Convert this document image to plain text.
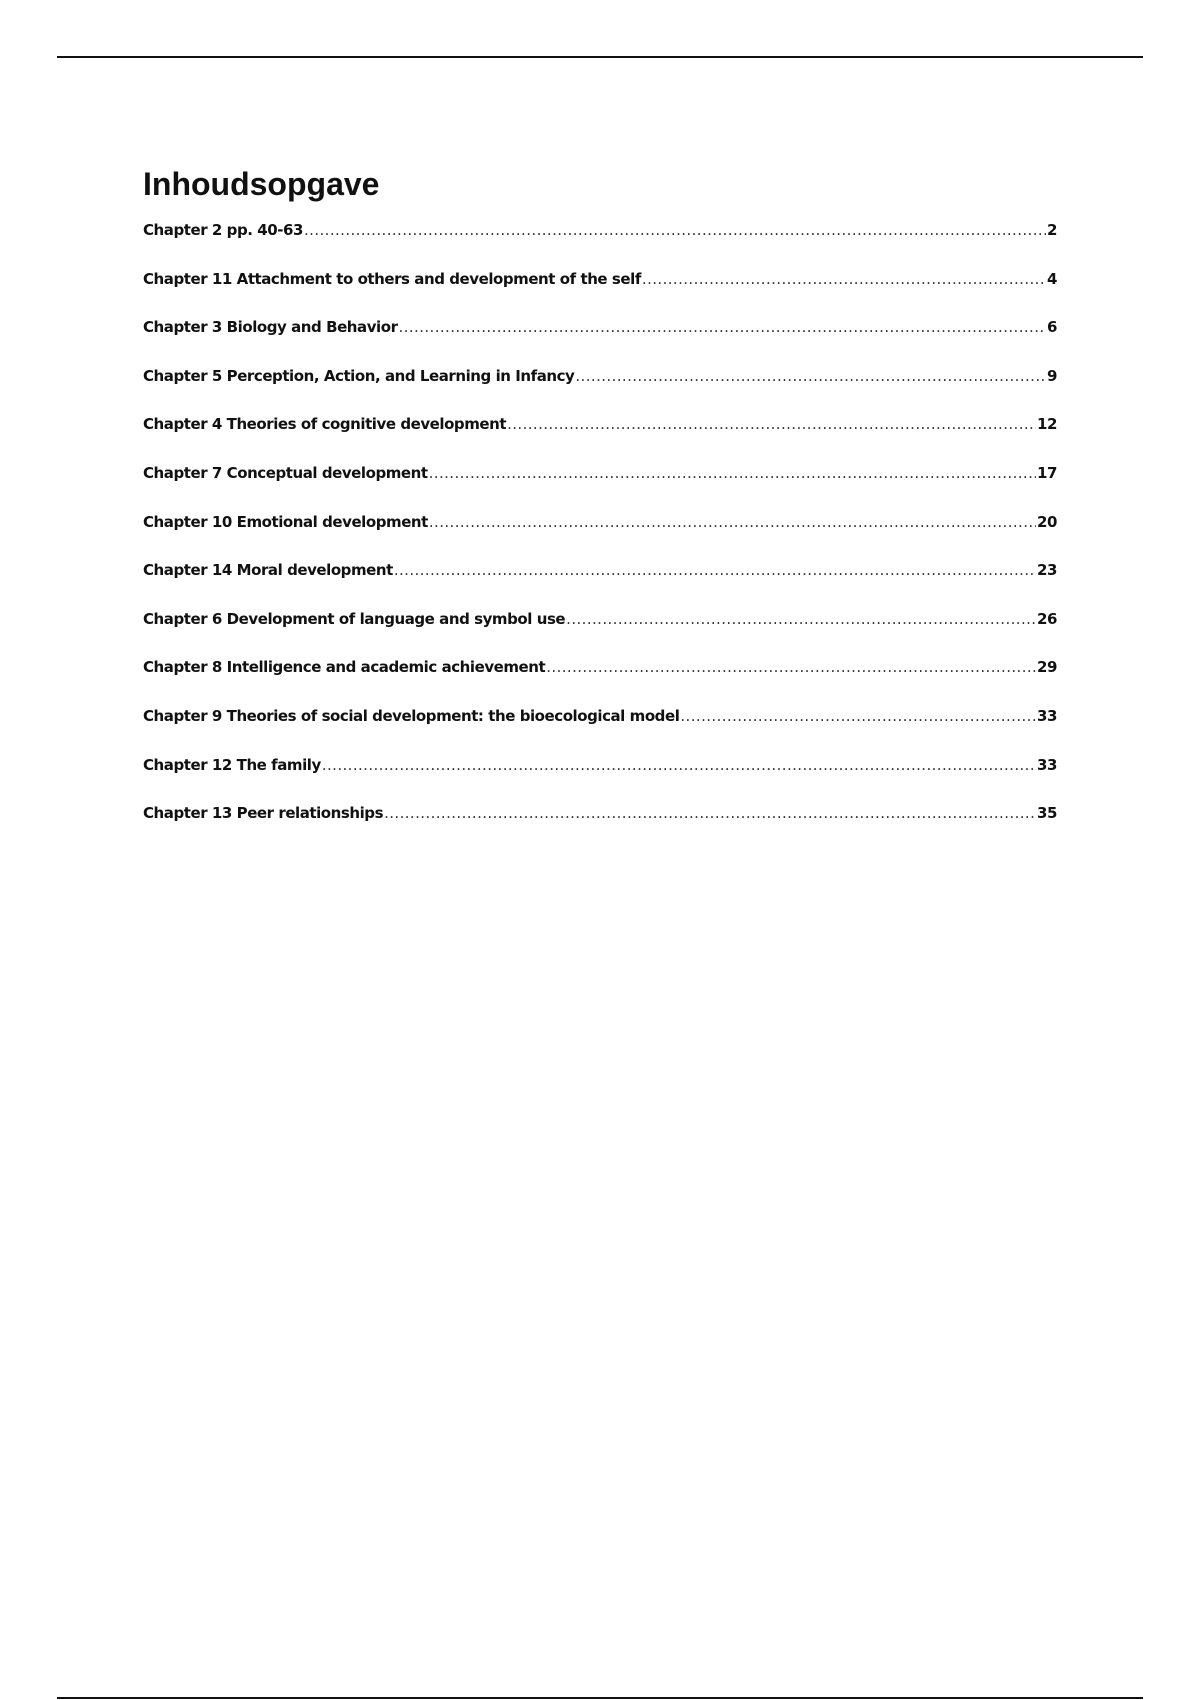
Inhoudsopgave
Chapter 2 pp. 40-63 .....	2
Chapter 11 Attachment to others and development of the self .....	4
Chapter 3 Biology and Behavior .....	6
Chapter 5 Perception, Action, and Learning in Infancy .....	9
Chapter 4 Theories of cognitive development .....	12
Chapter 7 Conceptual development .....	17
Chapter 10 Emotional development .....	20
Chapter 14 Moral development .....	23
Chapter 6 Development of language and symbol use .....	26
Chapter 8 Intelligence and academic achievement .....	29
Chapter 9 Theories of social development: the bioecological model .....	33
Chapter 12 The family .....	33
Chapter 13 Peer relationships .....	35
